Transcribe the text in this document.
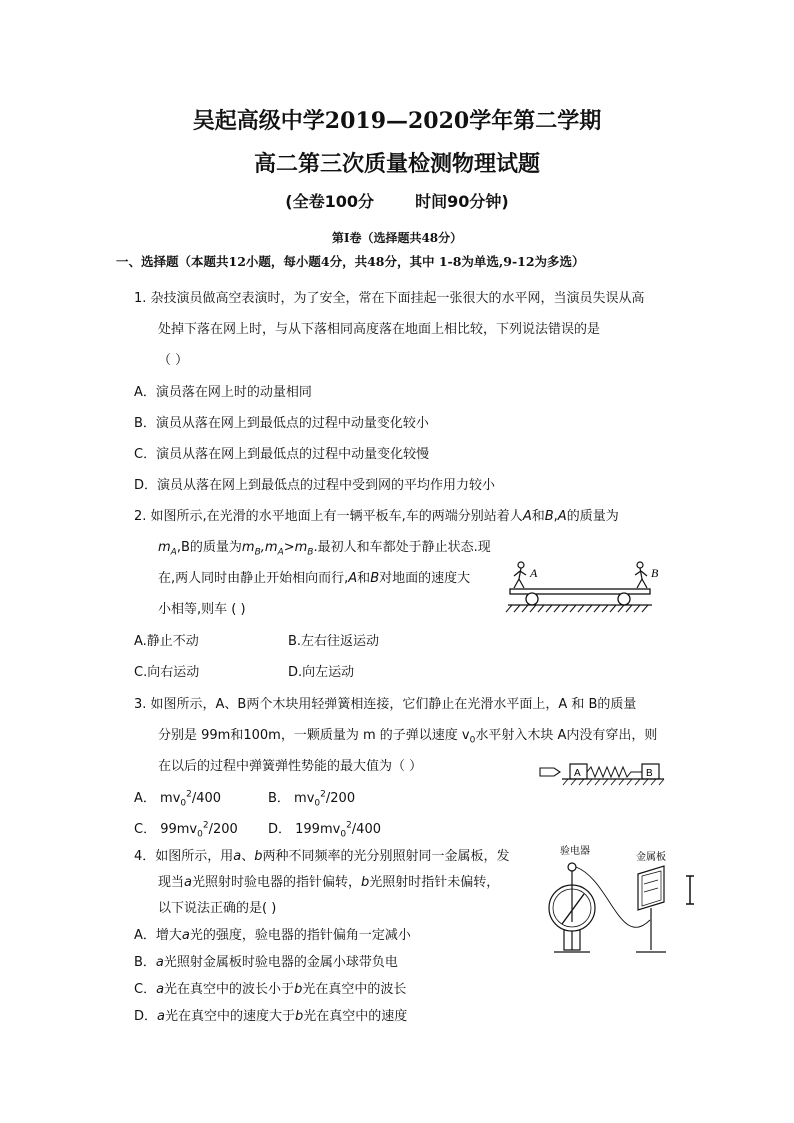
吴起高级中学2019—2020学年第二学期
高二第三次质量检测物理试题
(全卷100分	时间90分钟)
第Ⅰ卷（选择题共48分）
一、选择题（本题共12小题，每小题4分，共48分，其中 1-8为单选,9-12为多选）
1. 杂技演员做高空表演时，为了安全，常在下面挂起一张很大的水平网，当演员失误从高
处掉下落在网上时，与从下落相同高度落在地面上相比较，下列说法错误的是
（ ）
A．演员落在网上时的动量相同
B．演员从落在网上到最低点的过程中动量变化较小
C．演员从落在网上到最低点的过程中动量变化较慢
D．演员从落在网上到最低点的过程中受到网的平均作用力较小
2. 如图所示,在光滑的水平地面上有一辆平板车,车的两端分别站着人A和B,A的质量为
$m_A,B$的质量为$m_B,m_A>m_B$.最初人和车都处于静止状态.现
在,两人同时由静止开始相向而行,A和B对地面的速度大
小相等,则车 ( )
A.静止不动	B.左右往返运动
C.向右运动	D.向左运动
A	B
3. 如图所示，A、B两个木块用轻弹簧相连接，它们静止在光滑水平面上，A 和 B的质量
分别是 99m和100m，一颗质量为 m 的子弹以速度 $v_0$水平射入木块 A内没有穿出，则
在以后的过程中弹簧弹性势能的最大值为（ ）	A	B
A． $mv_0^2/400$	B． $mv_0^2/200$
C． $99mv_0^2/200$ D． $199mv_0^2/400$
4．如图所示，用a、b两种不同频率的光分别照射同一金属板，发
现当a光照射时验电器的指针偏转，b光照射时指针未偏转，
以下说法正确的是( )
A．增大a光的强度，验电器的指针偏角一定减小
B．a光照射金属板时验电器的金属小球带负电
C．a光在真空中的波长小于b光在真空中的波长
D．a光在真空中的速度大于b光在真空中的速度
验电器
金属板
